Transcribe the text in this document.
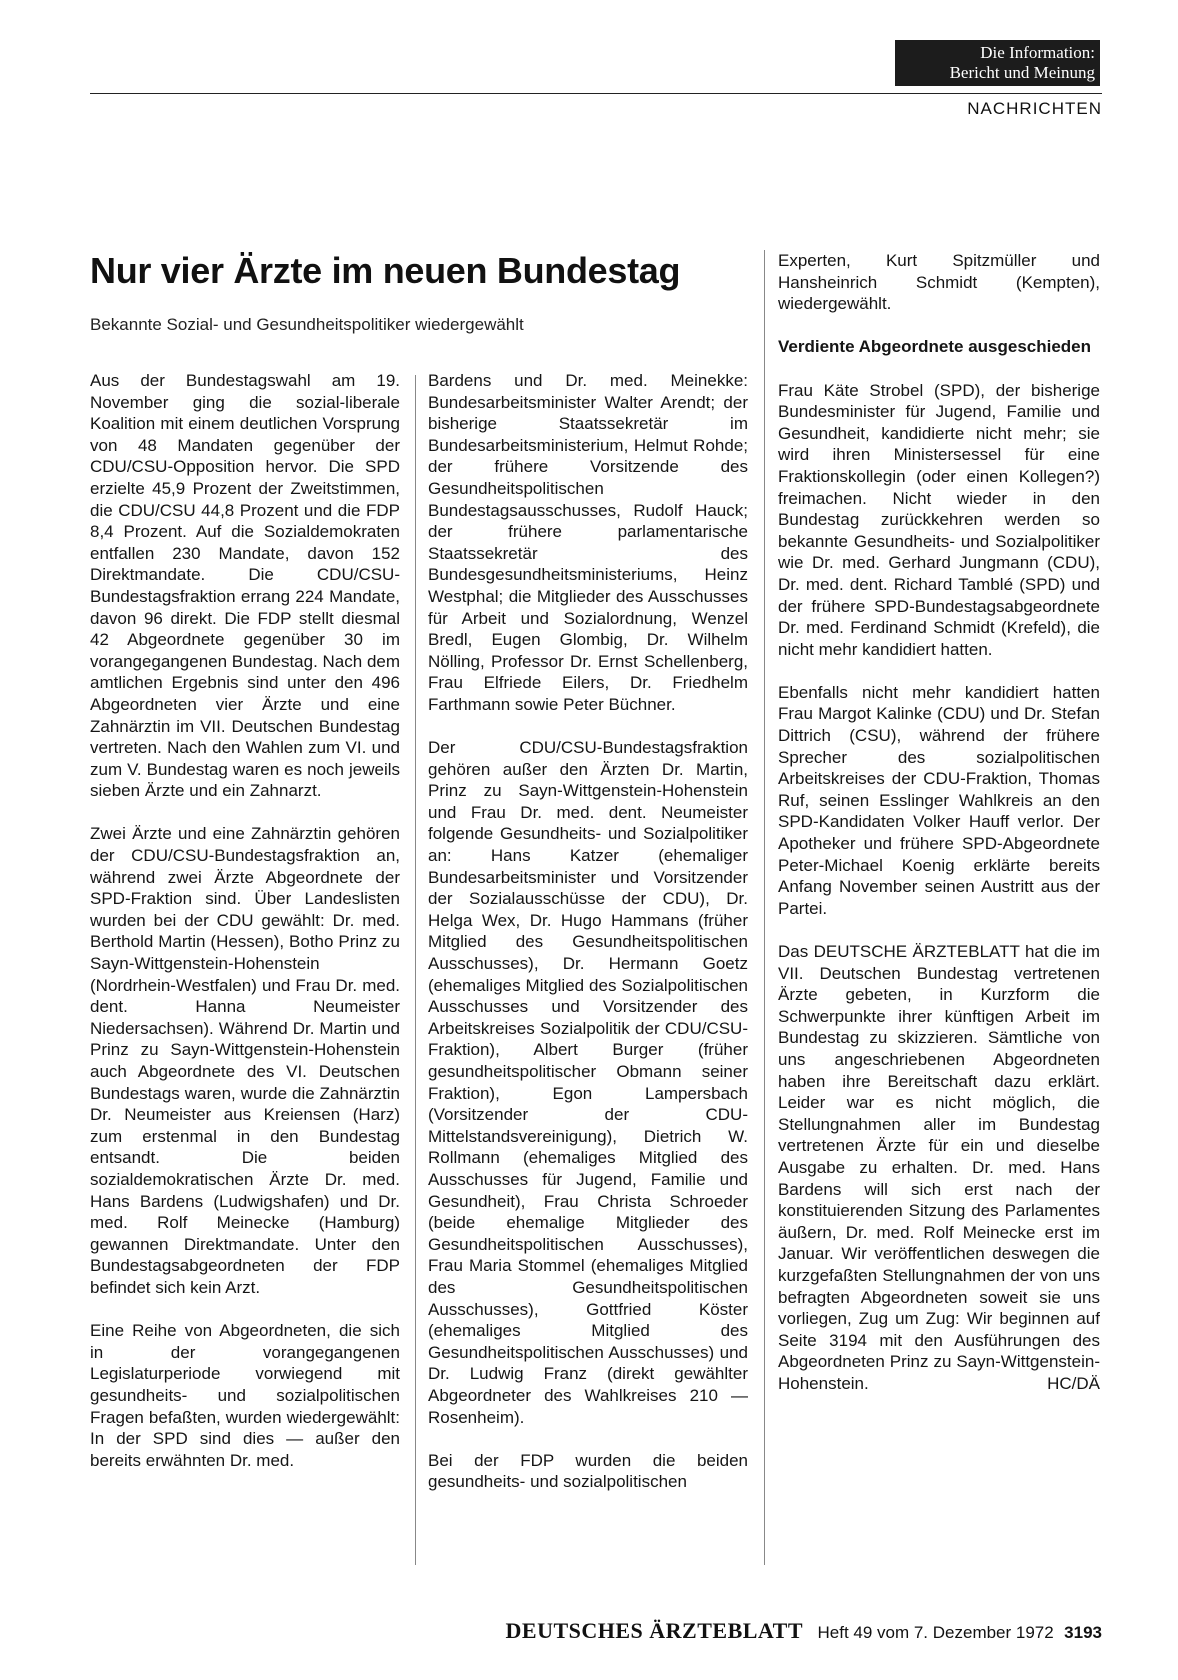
Die Information:
Bericht und Meinung
NACHRICHTEN
Nur vier Ärzte im neuen Bundestag
Bekannte Sozial- und Gesundheitspolitiker wiedergewählt

Aus der Bundestagswahl am 19. November ging die sozial-liberale Koalition mit einem deutlichen Vorsprung von 48 Mandaten gegenüber der CDU/CSU-Opposition hervor. Die SPD erzielte 45,9 Prozent der Zweitstimmen, die CDU/CSU 44,8 Prozent und die FDP 8,4 Prozent. Auf die Sozialdemokraten entfallen 230 Mandate, davon 152 Direktmandate. Die CDU/CSU-Bundestagsfraktion errang 224 Mandate, davon 96 direkt. Die FDP stellt diesmal 42 Abgeordnete gegenüber 30 im vorangegangenen Bundestag. Nach dem amtlichen Ergebnis sind unter den 496 Abgeordneten vier Ärzte und eine Zahnärztin im VII. Deutschen Bundestag vertreten. Nach den Wahlen zum VI. und zum V. Bundestag waren es noch jeweils sieben Ärzte und ein Zahnarzt.

Zwei Ärzte und eine Zahnärztin gehören der CDU/CSU-Bundestagsfraktion an, während zwei Ärzte Abgeordnete der SPD-Fraktion sind. Über Landeslisten wurden bei der CDU gewählt: Dr. med. Berthold Martin (Hessen), Botho Prinz zu Sayn-Wittgenstein-Hohenstein (Nordrhein-Westfalen) und Frau Dr. med. dent. Hanna Neumeister Niedersachsen). Während Dr. Martin und Prinz zu Sayn-Wittgenstein-Hohenstein auch Abgeordnete des VI. Deutschen Bundestags waren, wurde die Zahnärztin Dr. Neumeister aus Kreiensen (Harz) zum erstenmal in den Bundestag entsandt. Die beiden sozialdemokratischen Ärzte Dr. med. Hans Bardens (Ludwigshafen) und Dr. med. Rolf Meinecke (Hamburg) gewannen Direktmandate. Unter den Bundestagsabgeordneten der FDP befindet sich kein Arzt.

Eine Reihe von Abgeordneten, die sich in der vorangegangenen Legislaturperiode vorwiegend mit gesundheits- und sozialpolitischen Fragen befaßten, wurden wiedergewählt: In der SPD sind dies — außer den bereits erwähnten Dr. med.

Bardens und Dr. med. Meinekke: Bundesarbeitsminister Walter Arendt; der bisherige Staatssekretär im Bundesarbeitsministerium, Helmut Rohde; der frühere Vorsitzende des Gesundheitspolitischen Bundestagsausschusses, Rudolf Hauck; der frühere parlamentarische Staatssekretär des Bundesgesundheitsministeriums, Heinz Westphal; die Mitglieder des Ausschusses für Arbeit und Sozialordnung, Wenzel Bredl, Eugen Glombig, Dr. Wilhelm Nölling, Professor Dr. Ernst Schellenberg, Frau Elfriede Eilers, Dr. Friedhelm Farthmann sowie Peter Büchner.

Der CDU/CSU-Bundestagsfraktion gehören außer den Ärzten Dr. Martin, Prinz zu Sayn-Wittgenstein-Hohenstein und Frau Dr. med. dent. Neumeister folgende Gesundheits- und Sozialpolitiker an: Hans Katzer (ehemaliger Bundesarbeitsminister und Vorsitzender der Sozialausschüsse der CDU), Dr. Helga Wex, Dr. Hugo Hammans (früher Mitglied des Gesundheitspolitischen Ausschusses), Dr. Hermann Goetz (ehemaliges Mitglied des Sozialpolitischen Ausschusses und Vorsitzender des Arbeitskreises Sozialpolitik der CDU/CSU-Fraktion), Albert Burger (früher gesundheitspolitischer Obmann seiner Fraktion), Egon Lampersbach (Vorsitzender der CDU-Mittelstandsvereinigung), Dietrich W. Rollmann (ehemaliges Mitglied des Ausschusses für Jugend, Familie und Gesundheit), Frau Christa Schroeder (beide ehemalige Mitglieder des Gesundheitspolitischen Ausschusses), Frau Maria Stommel (ehemaliges Mitglied des Gesundheitspolitischen Ausschusses), Gottfried Köster (ehemaliges Mitglied des Gesundheitspolitischen Ausschusses) und Dr. Ludwig Franz (direkt gewählter Abgeordneter des Wahlkreises 210 — Rosenheim).

Bei der FDP wurden die beiden gesundheits- und sozialpolitischen

Experten, Kurt Spitzmüller und Hansheinrich Schmidt (Kempten), wiedergewählt.

Verdiente Abgeordnete ausgeschieden

Frau Käte Strobel (SPD), der bisherige Bundesminister für Jugend, Familie und Gesundheit, kandidierte nicht mehr; sie wird ihren Ministersessel für eine Fraktionskollegin (oder einen Kollegen?) freimachen. Nicht wieder in den Bundestag zurückkehren werden so bekannte Gesundheits- und Sozialpolitiker wie Dr. med. Gerhard Jungmann (CDU), Dr. med. dent. Richard Tamblé (SPD) und der frühere SPD-Bundestagsabgeordnete Dr. med. Ferdinand Schmidt (Krefeld), die nicht mehr kandidiert hatten.

Ebenfalls nicht mehr kandidiert hatten Frau Margot Kalinke (CDU) und Dr. Stefan Dittrich (CSU), während der frühere Sprecher des sozialpolitischen Arbeitskreises der CDU-Fraktion, Thomas Ruf, seinen Esslinger Wahlkreis an den SPD-Kandidaten Volker Hauff verlor. Der Apotheker und frühere SPD-Abgeordnete Peter-Michael Koenig erklärte bereits Anfang November seinen Austritt aus der Partei.

Das DEUTSCHE ÄRZTEBLATT hat die im VII. Deutschen Bundestag vertretenen Ärzte gebeten, in Kurzform die Schwerpunkte ihrer künftigen Arbeit im Bundestag zu skizzieren. Sämtliche von uns angeschriebenen Abgeordneten haben ihre Bereitschaft dazu erklärt. Leider war es nicht möglich, die Stellungnahmen aller im Bundestag vertretenen Ärzte für ein und dieselbe Ausgabe zu erhalten. Dr. med. Hans Bardens will sich erst nach der konstituierenden Sitzung des Parlamentes äußern, Dr. med. Rolf Meinecke erst im Januar. Wir veröffentlichen deswegen die kurzgefaßten Stellungnahmen der von uns befragten Abgeordneten soweit sie uns vorliegen, Zug um Zug: Wir beginnen auf Seite 3194 mit den Ausführungen des Abgeordneten Prinz zu Sayn-Wittgenstein-Hohenstein.	HC/DÄ

DEUTSCHES ÄRZTEBLATT Heft 49 vom 7. Dezember 1972 3193
